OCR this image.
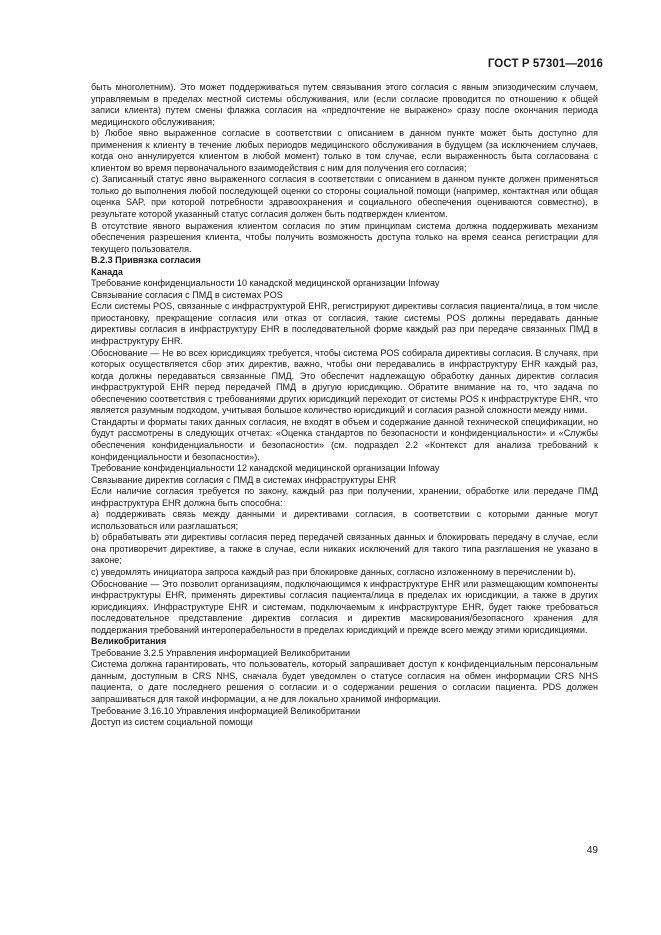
ГОСТ Р 57301—2016

быть многолетним). Это может поддерживаться путем связывания этого согласия с явным эпизодическим случаем, управляемым в пределах местной системы обслуживания, или (если согласие проводится по отношению к общей записи клиента) путем смены флажка согласия на «предпочтение не выражено» сразу после окончания периода медицинского обслуживания;

b) Любое явно выраженное согласие в соответствии с описанием в данном пункте может быть доступно для применения к клиенту в течение любых периодов медицинского обслуживания в будущем (за исключением случаев, когда оно аннулируется клиентом в любой момент) только в том случае, если выраженность быта согласована с клиентом во время первоначального взаимодействия с ним для получения его согласия;

c) Записанный статус явно выраженного согласия в соответствии с описанием в данном пункте должен применяться только до выполнения любой последующей оценки со стороны социальной помощи (например, контактная или общая оценка SAP, при которой потребности здравоохранения и социального обеспечения оцениваются совместно), в результате которой указанный статус согласия должен быть подтвержден клиентом.

В отсутствие явного выражения клиентом согласия по этим принципам система должна поддерживать механизм обеспечения разрешения клиента, чтобы получить возможность доступа только на время сеанса регистрации для текущего пользователя.

B.2.3 Привязка согласия

Канада

Требование конфиденциальности 10 канадской медицинской организации Infoway

Связывание согласия с ПМД в системах POS

Если системы POS, связанные с инфраструктурой EHR, регистрируют директивы согласия пациента/лица, в том числе приостановку, прекращение согласия или отказ от согласия, такие системы POS должны передавать данные директивы согласия в инфраструктуру EHR в последовательной форме каждый раз при передаче связанных ПМД в инфраструктуру EHR.

Обоснование — Не во всех юрисдикциях требуется, чтобы система POS собирала директивы согласия. В случаях, при которых осуществляется сбор этих директив, важно, чтобы они передавались в инфраструктуру EHR каждый раз, когда должны передаваться связанные ПМД. Это обеспечит надлежащую обработку данных директив согласия инфраструктурой EHR перед передачей ПМД в другую юрисдикцию. Обратите внимание на то, что задача по обеспечению соответствия с требованиями других юрисдикций переходит от системы POS к инфраструктуре EHR, что является разумным подходом, учитывая большое количество юрисдикций и согласия разной сложности между ними.

Стандарты и форматы таких данных согласия, не входят в объем и содержание данной технической спецификации, но будут рассмотрены в следующих отчетах: «Оценка стандартов по безопасности и конфиденциальности» и «Службы обеспечения конфиденциальности и безопасности» (см. подраздел 2.2 «Контекст для анализа требований к конфиденциальности и безопасности»).

Требование конфиденциальности 12 канадской медицинской организации Infoway

Связывание директив согласия с ПМД в системах инфраструктуры EHR

Если наличие согласия требуется по закону, каждый раз при получении, хранении, обработке или передаче ПМД инфраструктура EHR должна быть способна:

a) поддерживать связь между данными и директивами согласия, в соответствии с которыми данные могут использоваться или разглашаться;

b) обрабатывать эти директивы согласия перед передачей связанных данных и блокировать передачу в случае, если она противоречит директиве, а также в случае, если никаких исключений для такого типа разглашения не указано в законе;

c) уведомлять инициатора запроса каждый раз при блокировке данных, согласно изложенному в перечислении b).

Обоснование — Это позволит организациям, подключающимся к инфраструктуре EHR или размещающим компоненты инфраструктуры EHR, применять директивы согласия пациента/лица в пределах их юрисдикции, а также в других юрисдикциях. Инфраструктуре EHR и системам, подключаемым к инфраструктуре EHR, будет также требоваться последовательное представление директив согласия и директив маскирования/безопасного хранения для поддержания требований интероперабельности в пределах юрисдикций и прежде всего между этими юрисдикциями.

Великобритания

Требование 3.2.5 Управления информацией Великобритании

Система должна гарантировать, что пользователь, который запрашивает доступ к конфиденциальным персональным данным, доступным в CRS NHS, сначала будет уведомлен о статусе согласия на обмен информации CRS NHS пациента, о дате последнего решения о согласии и о содержании решения о согласии пациента. PDS должен запрашиваться для такой информации, а не для локально хранимой информации.

Требование 3.16.10 Управления информацией Великобритании

Доступ из систем социальной помощи

49
